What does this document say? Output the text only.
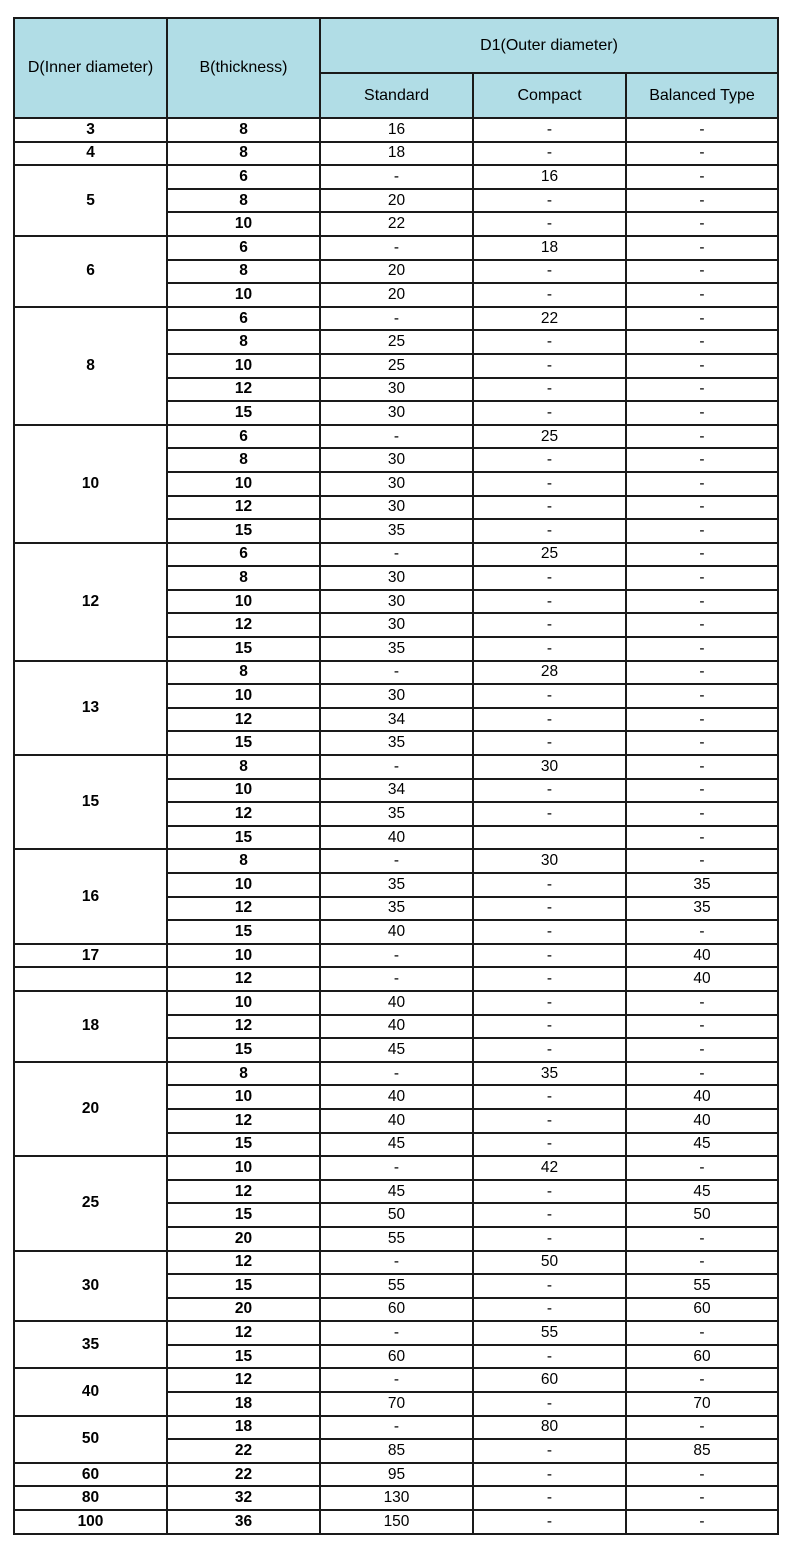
D(Inner diameter)	B(thickness)	D1(Outer diameter)		
		Standard	Compact	Balanced Type
3	8	16	-	-
4	8	18	-	-
5	6	-	16	-
	8	20	-	-
	10	22	-	-
6	6	-	18	-
	8	20	-	-
	10	20	-	-
8	6	-	22	-
	8	25	-	-
	10	25	-	-
	12	30	-	-
	15	30	-	-
10	6	-	25	-
	8	30	-	-
	10	30	-	-
	12	30	-	-
	15	35	-	-
12	6	-	25	-
	8	30	-	-
	10	30	-	-
	12	30	-	-
	15	35	-	-
13	8	-	28	-
	10	30	-	-
	12	34	-	-
	15	35	-	-
15	8	-	30	-
	10	34	-	-
	12	35	-	-
	15	40		-
16	8	-	30	-
	10	35	-	35
	12	35	-	35
	15	40	-	-
17	10	-	-	40
	12	-	-	40
18	10	40	-	-
	12	40	-	-
	15	45	-	-
20	8	-	35	-
	10	40	-	40
	12	40	-	40
	15	45	-	45
25	10	-	42	-
	12	45	-	45
	15	50	-	50
	20	55	-	-
30	12	-	50	-
	15	55	-	55
	20	60	-	60
35	12	-	55	-
	15	60	-	60
40	12	-	60	-
	18	70	-	70
50	18	-	80	-
	22	85	-	85
60	22	95	-	-
80	32	130	-	-
100	36	150	-	-
